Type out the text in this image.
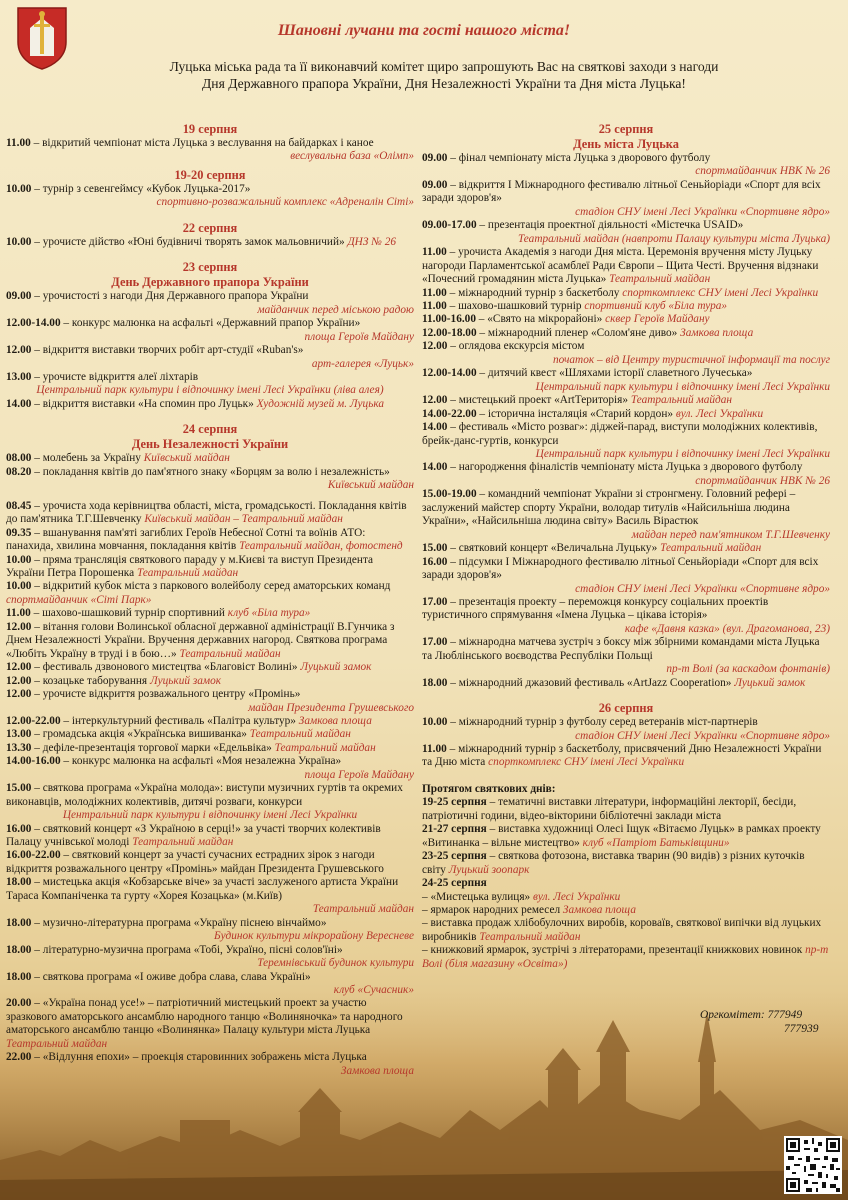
Шановні лучани та гості нашого міста!
Луцька міська рада та її виконавчий комітет щиро запрошують Вас на святкові заходи з нагоди
Дня Державного прапора України, Дня Незалежності України та Дня міста Луцька!
19 серпня
11.00 – відкритий чемпіонат міста Луцька з веслування на байдарках і каное
веслувальна база «Олімп»
19-20 серпня
10.00 – турнір з севенгеймсу «Кубок Луцька-2017»
спортивно-розважальний комплекс «Адреналін Сіті»
22 серпня
10.00 – урочисте дійство «Юні будівничі творять замок мальовничий» ДНЗ № 26
23 серпня
День Державного прапора України
09.00 – урочистості з нагоди Дня Державного прапора України
майданчик перед міською радою
12.00-14.00 – конкурс малюнка на асфальті «Державний прапор України»
площа Героїв Майдану
12.00 – відкриття виставки творчих робіт арт-студії «Ruban's»
арт-галерея «Луцьк»
13.00 – урочисте відкриття алеї ліхтарів
Центральний парк культури і відпочинку імені Лесі Українки (ліва алея)
14.00 – відкриття виставки «На спомин про Луцьк» Художній музей м. Луцька
24 серпня
День Незалежності України
08.00 – молебень за Україну Київський майдан
08.20 – покладання квітів до пам'ятного знаку «Борцям за волю і незалежність»
Київський майдан
08.45 – урочиста хода керівництва області, міста, громадськості. Покладання квітів до пам'ятника Т.Г.Шевченку Київський майдан – Театральний майдан
09.35 – вшанування пам'яті загиблих Героїв Небесної Сотні та воїнів АТО: панахида, хвилина мовчання, покладання квітів Театральний майдан, фотостенд
10.00 – пряма трансляція святкового параду у м.Києві та виступ Президента України Петра Порошенка Театральний майдан
10.00 – відкритий кубок міста з паркового волейболу серед аматорських команд спортмайданчик «Сіті Парк»
11.00 – шахово-шашковий турнір спортивний клуб «Біла тура»
12.00 – вітання голови Волинської обласної державної адміністрації В.Гунчика з Днем Незалежності України. Вручення державних нагород. Святкова програма «Любіть Україну в труді і в бою…» Театральний майдан
12.00 – фестиваль дзвонового мистецтва «Благовіст Волині» Луцький замок
12.00 – козацьке таборування Луцький замок
12.00 – урочисте відкриття розважального центру «Промінь»
майдан Президента Грушевського
12.00-22.00 – інтеркультурний фестиваль «Палітра культур» Замкова площа
13.00 – громадська акція «Українська вишиванка» Театральний майдан
13.30 – дефіле-презентація торгової марки «Едельвіка» Театральний майдан
14.00-16.00 – конкурс малюнка на асфальті «Моя незалежна Україна»
площа Героїв Майдану
15.00 – святкова програма «Україна молода»: виступи музичних гуртів та окремих виконавців, молодіжних колективів, дитячі розваги, конкурси
Центральний парк культури і відпочинку імені Лесі Українки
16.00 – святковий концерт «З Україною в серці!» за участі творчих колективів Палацу учнівської молоді Театральний майдан
16.00-22.00 – святковий концерт за участі сучасних естрадних зірок з нагоди відкриття розважального центру «Промінь» майдан Президента Грушевського
18.00 – мистецька акція «Кобзарське віче» за участі заслуженого артиста України Тараса Компаніченка та гурту «Хорея Козацька» (м.Київ)
Театральний майдан
18.00 – музично-літературна програма «Україну піснею вінчаймо»
Будинок культури мікрорайону Вересневе
18.00 – літературно-музична програма «Тобі, Україно, пісні солов'їні»
Теремнівський будинок культури
18.00 – святкова програма «І оживе добра слава, слава Україні»
клуб «Сучасник»
20.00 – «Україна понад усе!» – патріотичний мистецький проект за участю зразкового аматорського ансамблю народного танцю «Волиняночка» та народного аматорського ансамблю танцю «Волинянка» Палацу культури міста Луцька Театральний майдан
22.00 – «Відлуння епохи» – проекція старовинних зображень міста Луцька
Замкова площа
25 серпня
День міста Луцька
09.00 – фінал чемпіонату міста Луцька з дворового футболу
спортмайданчик НВК № 26
09.00 – відкриття І Міжнародного фестивалю літньої Сеньйоріади «Спорт для всіх заради здоров'я»
стадіон СНУ імені Лесі Українки «Спортивне ядро»
09.00-17.00 – презентація проектної діяльності «Містечка USAID»
Театральний майдан (навпроти Палацу культури міста Луцька)
11.00 – урочиста Академія з нагоди Дня міста. Церемонія вручення місту Луцьку нагороди Парламентської асамблеї Ради Європи – Щита Честі. Вручення відзнаки «Почесний громадянин міста Луцька» Театральний майдан
11.00 – міжнародний турнір з баскетболу спорткомплекс СНУ імені Лесі Українки
11.00 – шахово-шашковий турнір спортивний клуб «Біла тура»
11.00-16.00 – «Свято на мікрорайоні» сквер Героїв Майдану
12.00-18.00 – міжнародний пленер «Солом'яне диво» Замкова площа
12.00 – оглядова екскурсія містом
початок – від Центру туристичної інформації та послуг
12.00-14.00 – дитячий квест «Шляхами історії славетного Лучеська»
Центральний парк культури і відпочинку імені Лесі Українки
12.00 – мистецький проект «ArtТериторія» Театральний майдан
14.00-22.00 – історична інсталяція «Старий кордон» вул. Лесі Українки
14.00 – фестиваль «Місто розваг»: діджей-парад, виступи молодіжних колективів, брейк-данс-гуртів, конкурси
Центральний парк культури і відпочинку імені Лесі Українки
14.00 – нагородження фіналістів чемпіонату міста Луцька з дворового футболу
спортмайданчик НВК № 26
15.00-19.00 – командний чемпіонат України зі стронгмену. Головний рефері – заслужений майстер спорту України, володар титулів «Найсильніша людина України», «Найсильніша людина світу» Василь Вірастюк
майдан перед пам'ятником Т.Г.Шевченку
15.00 – святковий концерт «Величальна Луцьку» Театральний майдан
16.00 – підсумки І Міжнародного фестивалю літньої Сеньйоріади «Спорт для всіх заради здоров'я»
стадіон СНУ імені Лесі Українки «Спортивне ядро»
17.00 – презентація проекту – переможця конкурсу соціальних проектів туристичного спрямування «Імена Луцька – цікава історія»
кафе «Давня казка» (вул. Драгоманова, 23)
17.00 – міжнародна матчева зустріч з боксу між збірними командами міста Луцька та Люблінського воєводства Республіки Польщі
пр-т Волі (за каскадом фонтанів)
18.00 – міжнародний джазовий фестиваль «ArtJazz Cooperation» Луцький замок
26 серпня
10.00 – міжнародний турнір з футболу серед ветеранів міст-партнерів
стадіон СНУ імені Лесі Українки «Спортивне ядро»
11.00 – міжнародний турнір з баскетболу, присвячений Дню Незалежності України та Дню міста спорткомплекс СНУ імені Лесі Українки
Протягом святкових днів:
19-25 серпня – тематичні виставки літератури, інформаційні лекторії, бесіди, патріотичні години, відео-вікторини бібліотечні заклади міста
21-27 серпня – виставка художниці Олесі Іщук «Вітаємо Луцьк» в рамках проекту «Витинанка – вільне мистецтво» клуб «Патріот Батьківщини»
23-25 серпня – святкова фотозона, виставка тварин (90 видів) з різних куточків світу Луцький зоопарк
24-25 серпня
– «Мистецька вулиця» вул. Лесі Українки
– ярмарок народних ремесел Замкова площа
– виставка продаж хлібобулочних виробів, короваїв, святкової випічки від луцьких виробників Театральний майдан
– книжковий ярмарок, зустрічі з літераторами, презентації книжкових новинок пр-т Волі (біля магазину «Освіта»)
Оргкомітет: 777949
777939
